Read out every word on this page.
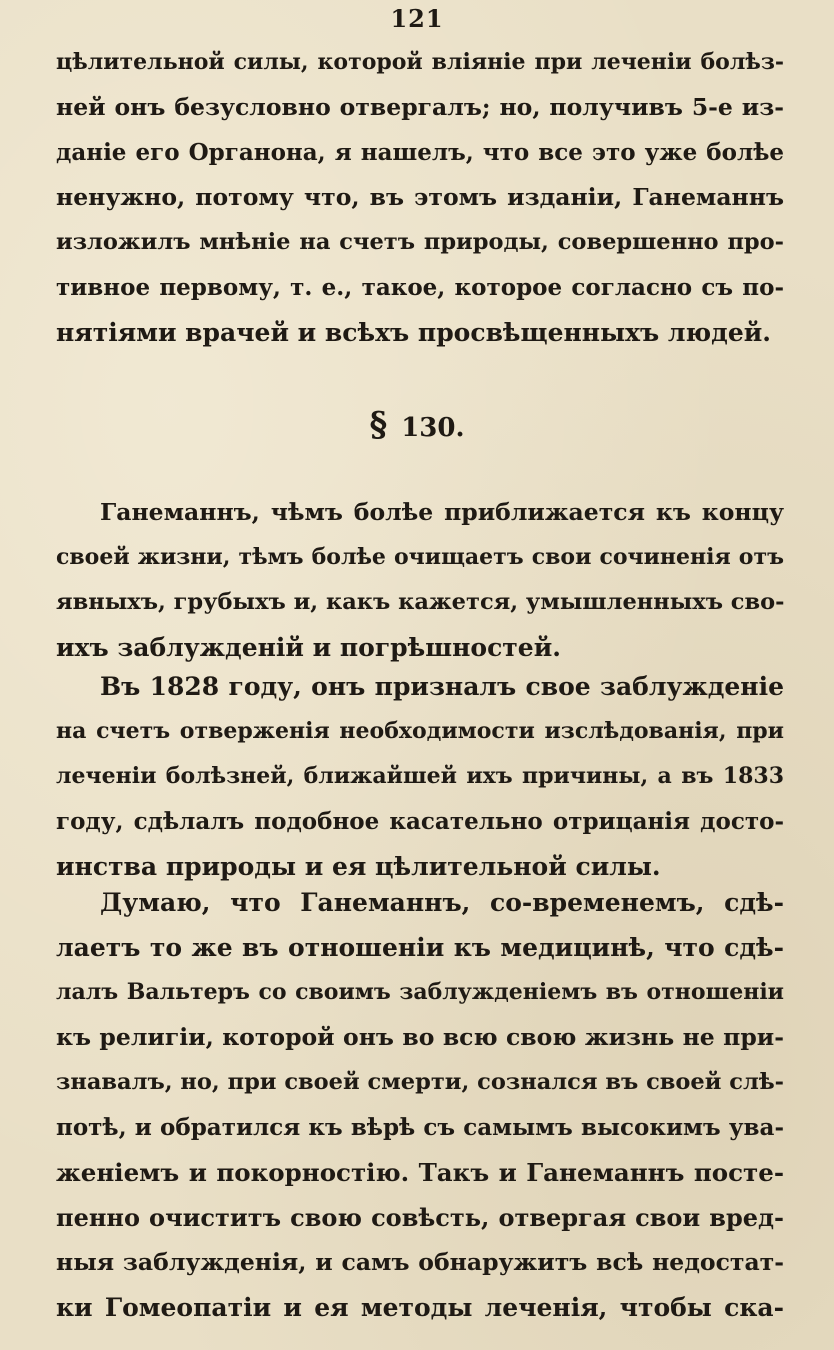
121
цѣлительной силы, которой вліяніе при леченіи болѣз-
ней онъ безусловно отвергалъ; но, получивъ 5-е из-
даніе его Органона, я нашелъ, что все это уже болѣе
ненужно, потому что, въ этомъ изданіи, Ганеманнъ
изложилъ мнѣніе на счетъ природы, совершенно про-
тивное первому, т. е., такое, которое согласно съ по-
нятіями врачей и всѣхъ просвѣщенныхъ людей.
§ 130.
Ганеманнъ, чѣмъ болѣе приближается къ концу
своей жизни, тѣмъ болѣе очищаетъ свои сочиненія отъ
явныхъ, грубыхъ и, какъ кажется, умышленныхъ сво-
ихъ заблужденій и погрѣшностей.
Въ 1828 году, онъ призналъ свое заблужденіе
на счетъ отверженія необходимости изслѣдованія, при
леченіи болѣзней, ближайшей ихъ причины, а въ 1833
году, сдѣлалъ подобное касательно отрицанія досто-
инства природы и ея цѣлительной силы.
Думаю, что Ганеманнъ, со-временемъ, сдѣ-
лаетъ то же въ отношеніи къ медицинѣ, что сдѣ-
лалъ Вальтеръ со своимъ заблужденіемъ въ отношеніи
къ религіи, которой онъ во всю свою жизнь не при-
знавалъ, но, при своей смерти, сознался въ своей слѣ-
потѣ, и обратился къ вѣрѣ съ самымъ высокимъ ува-
женіемъ и покорностію. Такъ и Ганеманнъ посте-
пенно очиститъ свою совѣсть, отвергая свои вред-
ныя заблужденія, и самъ обнаружитъ всѣ недостат-
ки Гомеопатіи и ея методы леченія, чтобы ска-
